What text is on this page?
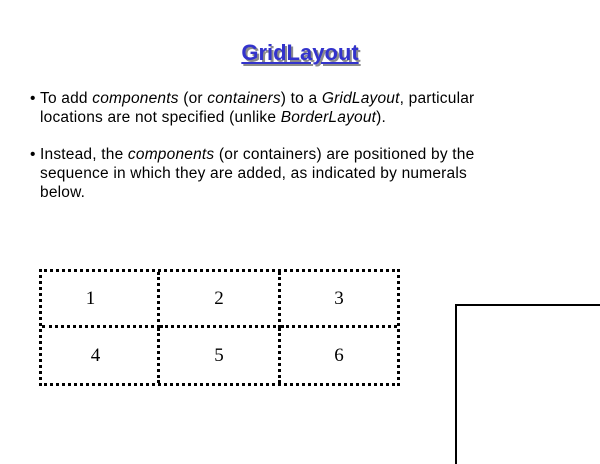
GridLayout
• To add components (or containers) to a GridLayout, particular
locations are not specified (unlike BorderLayout).
• Instead, the components (or containers) are positioned by the
sequence in which they are added, as indicated by numerals
below.
1	2	3
4	5	6
